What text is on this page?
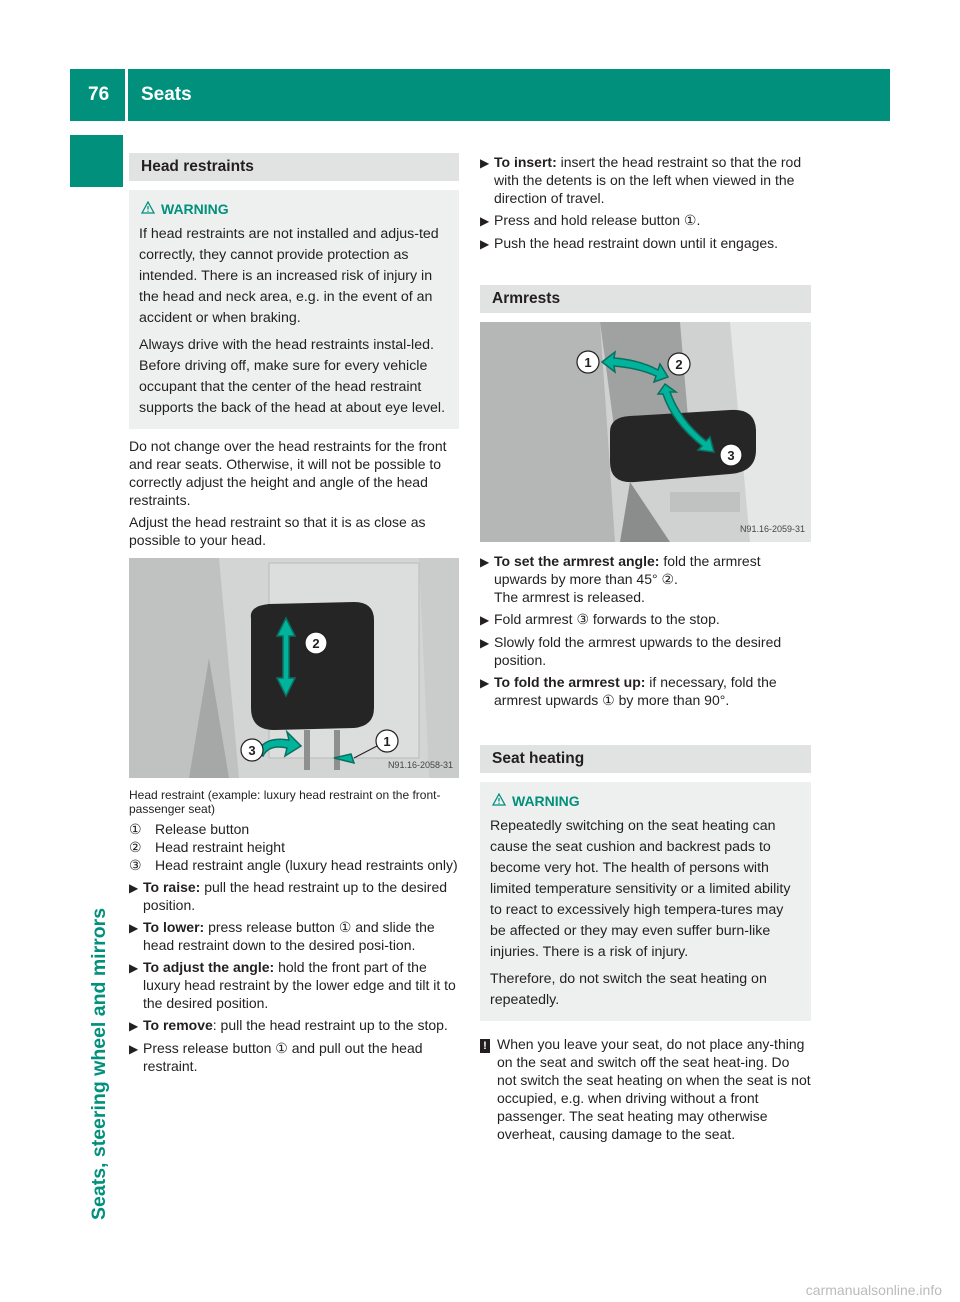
76 Seats
Seats, steering wheel and mirrors
Head restraints
WARNING

If head restraints are not installed and adjus-ted correctly, they cannot provide protection as intended. There is an increased risk of injury in the head and neck area, e.g. in the event of an accident or when braking.

Always drive with the head restraints instal-led. Before driving off, make sure for every vehicle occupant that the center of the head restraint supports the back of the head at about eye level.

Do not change over the head restraints for the front and rear seats. Otherwise, it will not be possible to correctly adjust the height and angle of the head restraints.

Adjust the head restraint so that it is as close as possible to your head.

2
3
1
N91.16-2058-31
Head restraint (example: luxury head restraint on the front-passenger seat)
① Release button
② Head restraint height
③ Head restraint angle (luxury head restraints only)
▶ To raise: pull the head restraint up to the desired position.
▶ To lower: press release button ① and slide the head restraint down to the desired posi-tion.
▶ To adjust the angle: hold the front part of the luxury head restraint by the lower edge and tilt it to the desired position.
▶ To remove: pull the head restraint up to the stop.
▶ Press release button ① and pull out the head restraint.
▶ To insert: insert the head restraint so that the rod with the detents is on the left when viewed in the direction of travel.
▶ Press and hold release button ①.
▶ Push the head restraint down until it engages.
Armrests
1	2
3
N91.16-2059-31
▶ To set the armrest angle: fold the armrest upwards by more than 45° ②.
The armrest is released.
▶ Fold armrest ③ forwards to the stop.
▶ Slowly fold the armrest upwards to the desired position.
▶ To fold the armrest up: if necessary, fold the armrest upwards ① by more than 90°.
Seat heating
WARNING

Repeatedly switching on the seat heating can cause the seat cushion and backrest pads to become very hot. The health of persons with limited temperature sensitivity or a limited ability to react to excessively high tempera-tures may be affected or they may even suffer burn-like injuries. There is a risk of injury.

Therefore, do not switch the seat heating on repeatedly.

! When you leave your seat, do not place any-thing on the seat and switch off the seat heat-ing. Do not switch the seat heating on when the seat is not occupied, e.g. when driving without a front passenger. The seat heating may otherwise overheat, causing damage to the seat.
carmanualsonline.info
